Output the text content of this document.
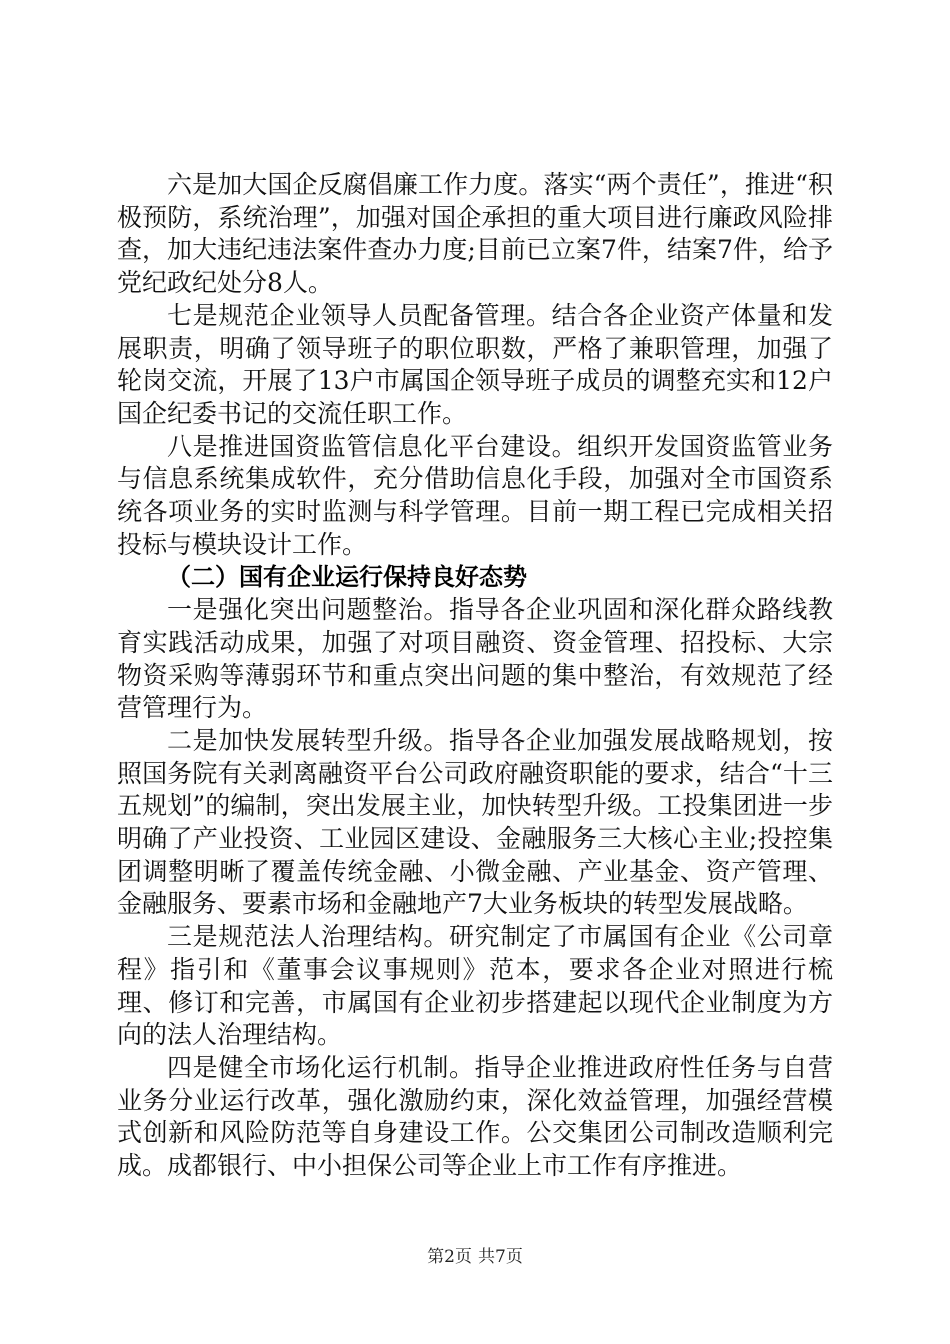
六是加大国企反腐倡廉工作力度。落实“两个责任”，推进“积极预防，系统治理”，加强对国企承担的重大项目进行廉政风险排查，加大违纪违法案件查办力度;目前已立案7件，结案7件，给予党纪政纪处分8人。

七是规范企业领导人员配备管理。结合各企业资产体量和发展职责，明确了领导班子的职位职数，严格了兼职管理，加强了轮岗交流，开展了13户市属国企领导班子成员的调整充实和12户国企纪委书记的交流任职工作。

八是推进国资监管信息化平台建设。组织开发国资监管业务与信息系统集成软件，充分借助信息化手段，加强对全市国资系统各项业务的实时监测与科学管理。目前一期工程已完成相关招投标与模块设计工作。

（二）国有企业运行保持良好态势

一是强化突出问题整治。指导各企业巩固和深化群众路线教育实践活动成果，加强了对项目融资、资金管理、招投标、大宗物资采购等薄弱环节和重点突出问题的集中整治，有效规范了经营管理行为。

二是加快发展转型升级。指导各企业加强发展战略规划，按照国务院有关剥离融资平台公司政府融资职能的要求，结合“十三五规划”的编制，突出发展主业，加快转型升级。工投集团进一步明确了产业投资、工业园区建设、金融服务三大核心主业;投控集团调整明晰了覆盖传统金融、小微金融、产业基金、资产管理、金融服务、要素市场和金融地产7大业务板块的转型发展战略。

三是规范法人治理结构。研究制定了市属国有企业《公司章程》指引和《董事会议事规则》范本，要求各企业对照进行梳理、修订和完善，市属国有企业初步搭建起以现代企业制度为方向的法人治理结构。

四是健全市场化运行机制。指导企业推进政府性任务与自营业务分业运行改革，强化激励约束，深化效益管理，加强经营模式创新和风险防范等自身建设工作。公交集团公司制改造顺利完成。成都银行、中小担保公司等企业上市工作有序推进。

第2页 共7页
